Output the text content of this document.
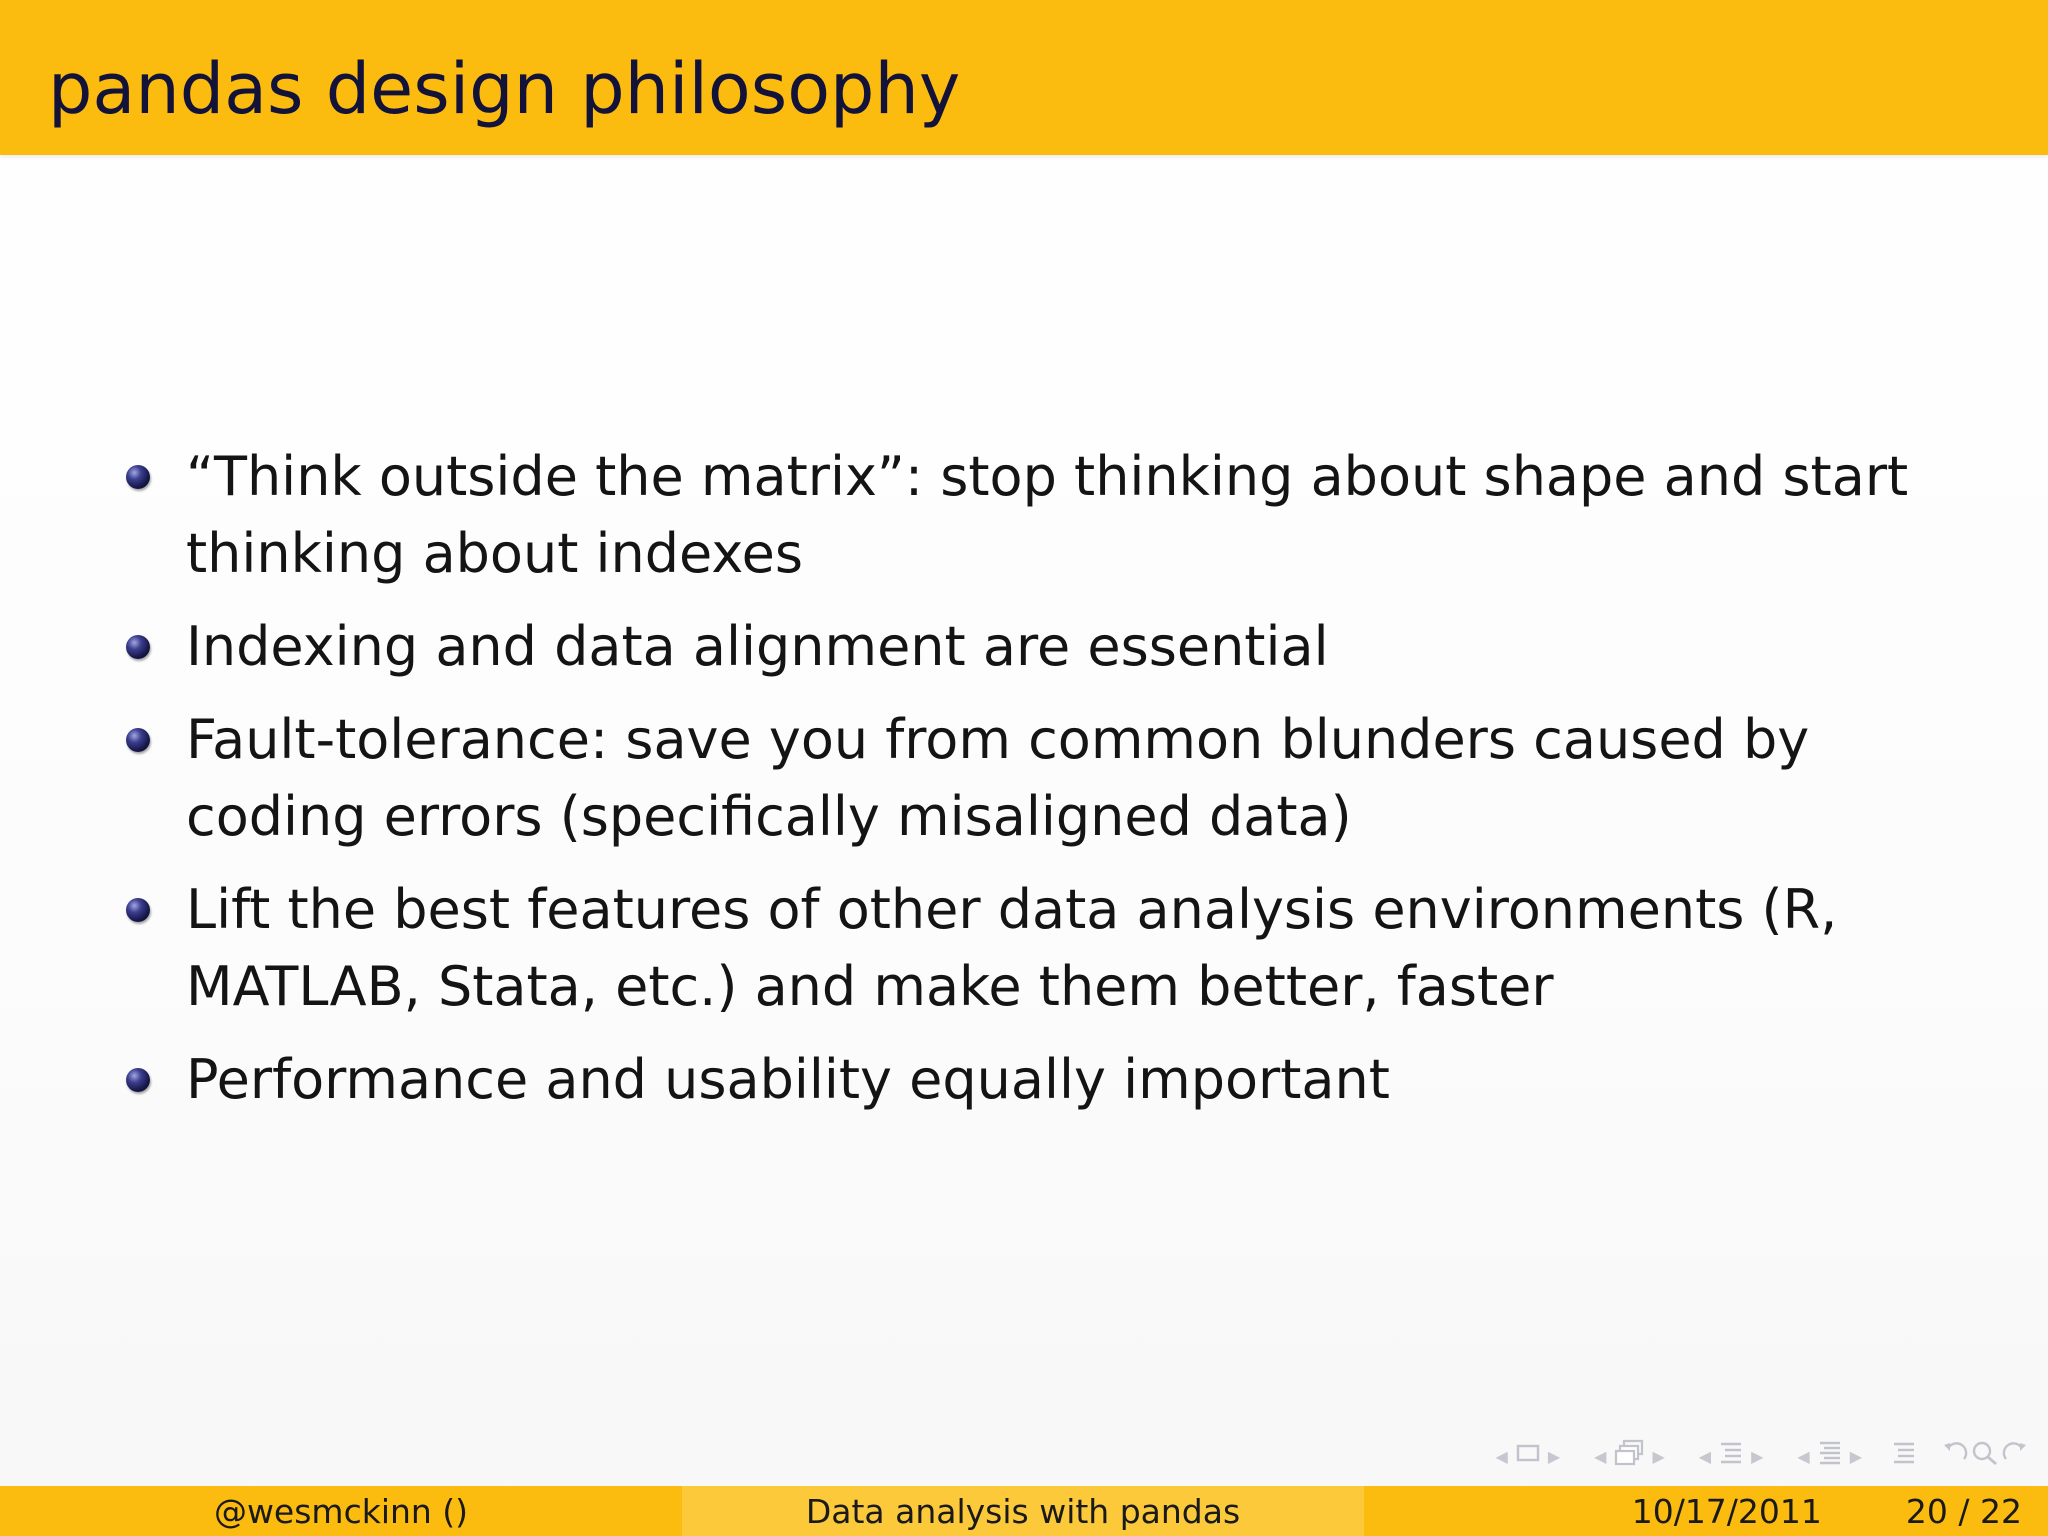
pandas design philosophy
“Think outside the matrix”: stop thinking about shape and start thinking about indexes
Indexing and data alignment are essential
Fault-tolerance: save you from common blunders caused by coding errors (specifically misaligned data)
Lift the best features of other data analysis environments (R, MATLAB, Stata, etc.) and make them better, faster
Performance and usability equally important
◀	▶ ◀	▶ ◀	▶ ◀	▶
@wesmckinn ()	Data analysis with pandas	10/17/2011	20 / 22
